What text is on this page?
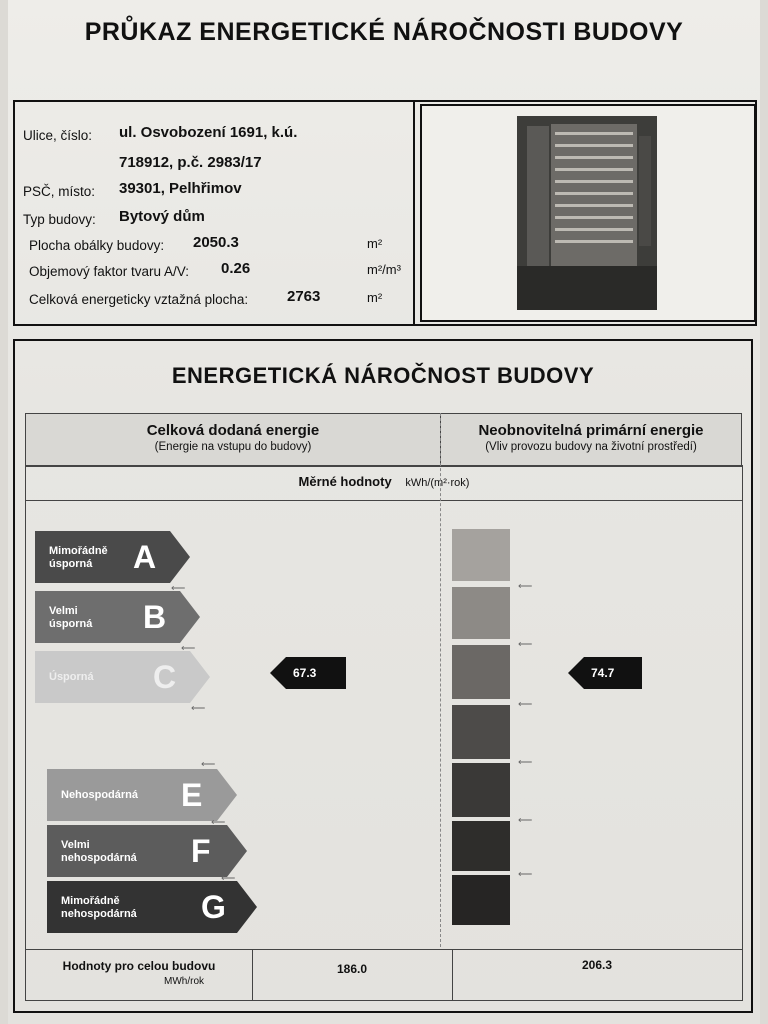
PRŮKAZ ENERGETICKÉ NÁROČNOSTI BUDOVY
Ulice, číslo: ul. Osvobození 1691, k.ú.
718912, p.č. 2983/17
PSČ, místo: 39301, Pelhřimov
Typ budovy: Bytový dům
Plocha obálky budovy: 2050.3	m²
Objemový faktor tvaru A/V: 0.26	m²/m³
Celková energeticky vztažná plocha:	2763	m²
ENERGETICKÁ NÁROČNOST BUDOVY
Celková dodaná energie
(Energie na vstupu do budovy)
Neobnovitelná primární energie
(Vliv provozu budovy na životní prostředí)
Měrné hodnoty $_{kWh/(m^2\cdot rok)}$
Mimořádně
úsporná	A
Velmi
úsporná B
Úsporná C
Nehospodárná E
Velmi
nehospodárná F
Mimořádně
nehospodárná G
⟵
⟵
⟵
⟵
⟵
⟵
67.3
⟵
⟵
⟵
⟵
⟵
⟵
74.7
Hodnoty pro celou budovu
MWh/rok
186.0	206.3
